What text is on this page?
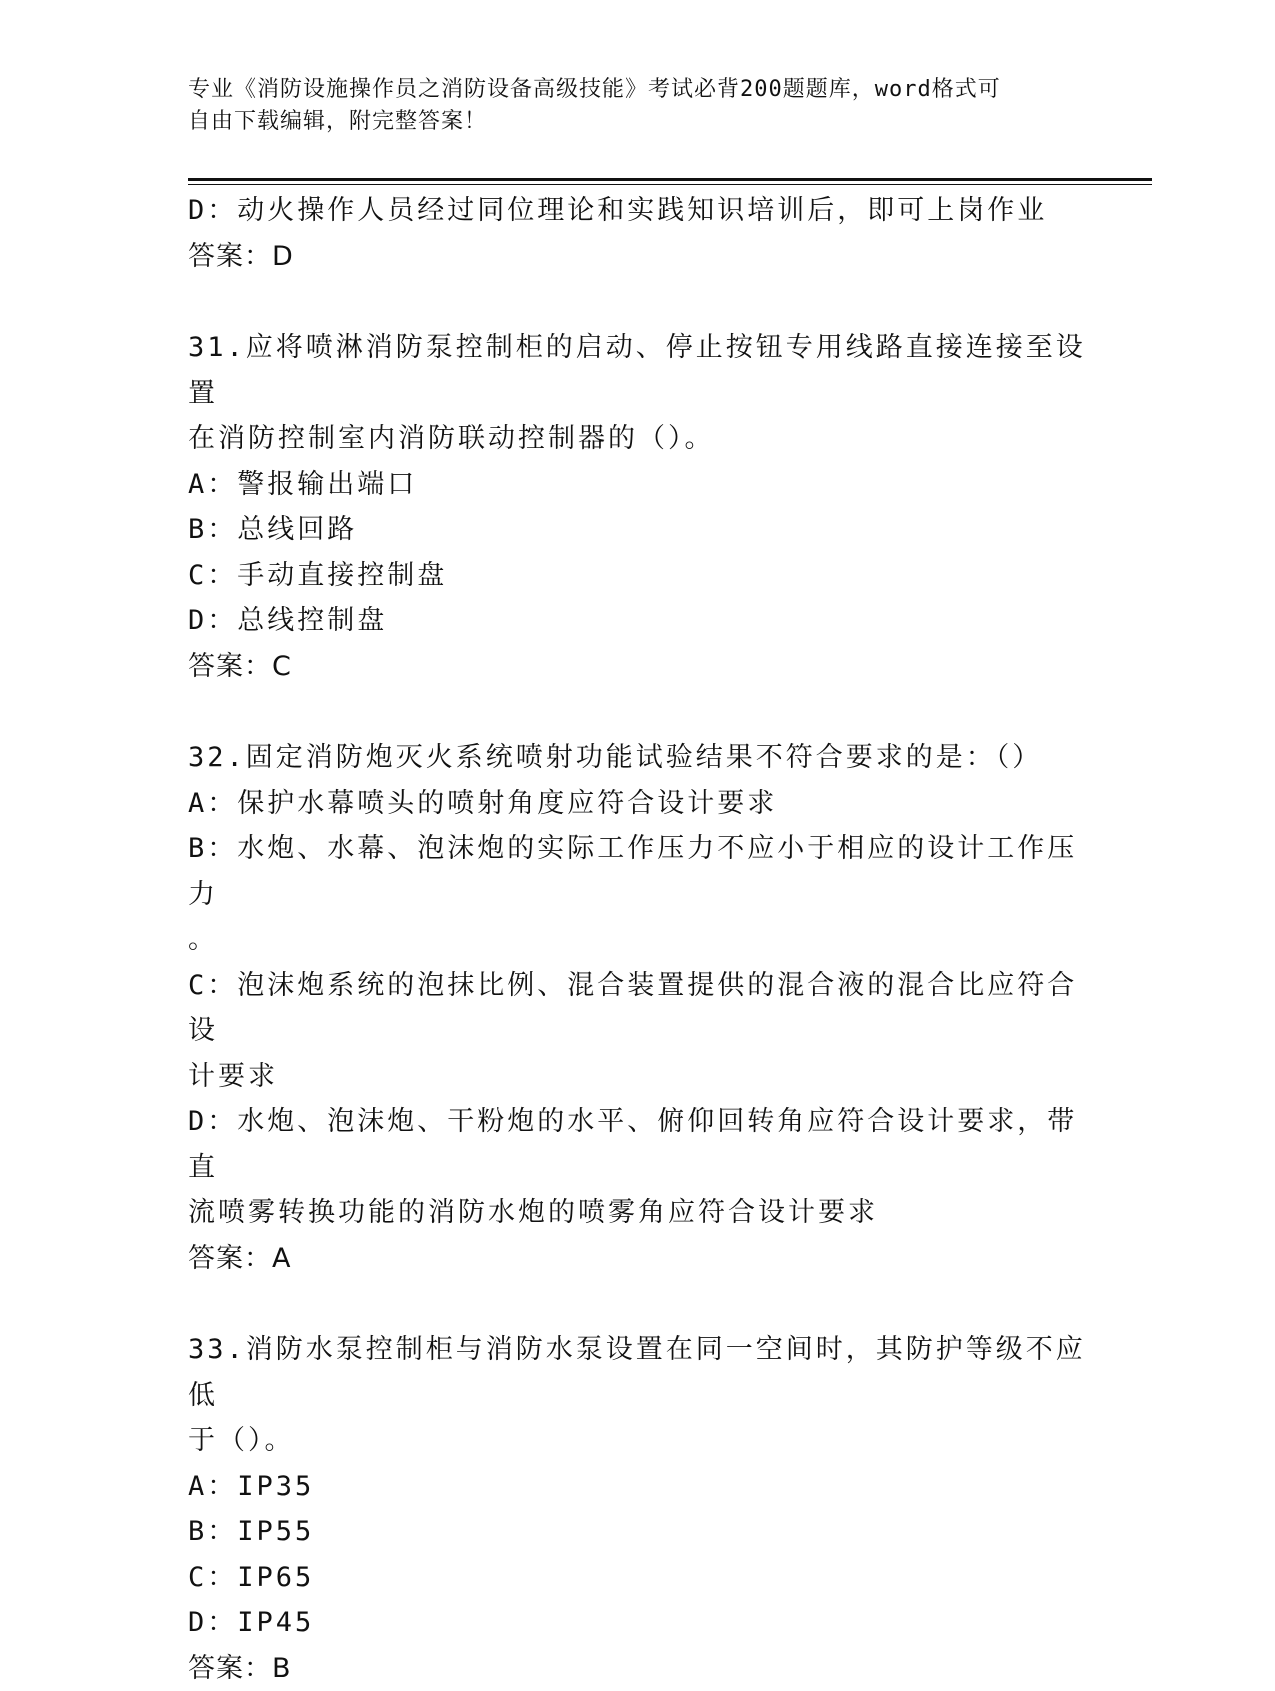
专业《消防设施操作员之消防设备高级技能》考试必背200题题库，word格式可
自由下载编辑，附完整答案！
D：动火操作人员经过同位理论和实践知识培训后，即可上岗作业
答案：D
31.应将喷淋消防泵控制柜的启动、停止按钮专用线路直接连接至设置
在消防控制室内消防联动控制器的（）。
A：警报输出端口
B：总线回路
C：手动直接控制盘
D：总线控制盘
答案：C
32.固定消防炮灭火系统喷射功能试验结果不符合要求的是：（）
A：保护水幕喷头的喷射角度应符合设计要求
B：水炮、水幕、泡沫炮的实际工作压力不应小于相应的设计工作压力
。
C：泡沫炮系统的泡抹比例、混合装置提供的混合液的混合比应符合设
计要求
D：水炮、泡沫炮、干粉炮的水平、俯仰回转角应符合设计要求，带直
流喷雾转换功能的消防水炮的喷雾角应符合设计要求
答案：A
33.消防水泵控制柜与消防水泵设置在同一空间时，其防护等级不应低
于（）。
A：IP35
B：IP55
C：IP65
D：IP45
答案：B
